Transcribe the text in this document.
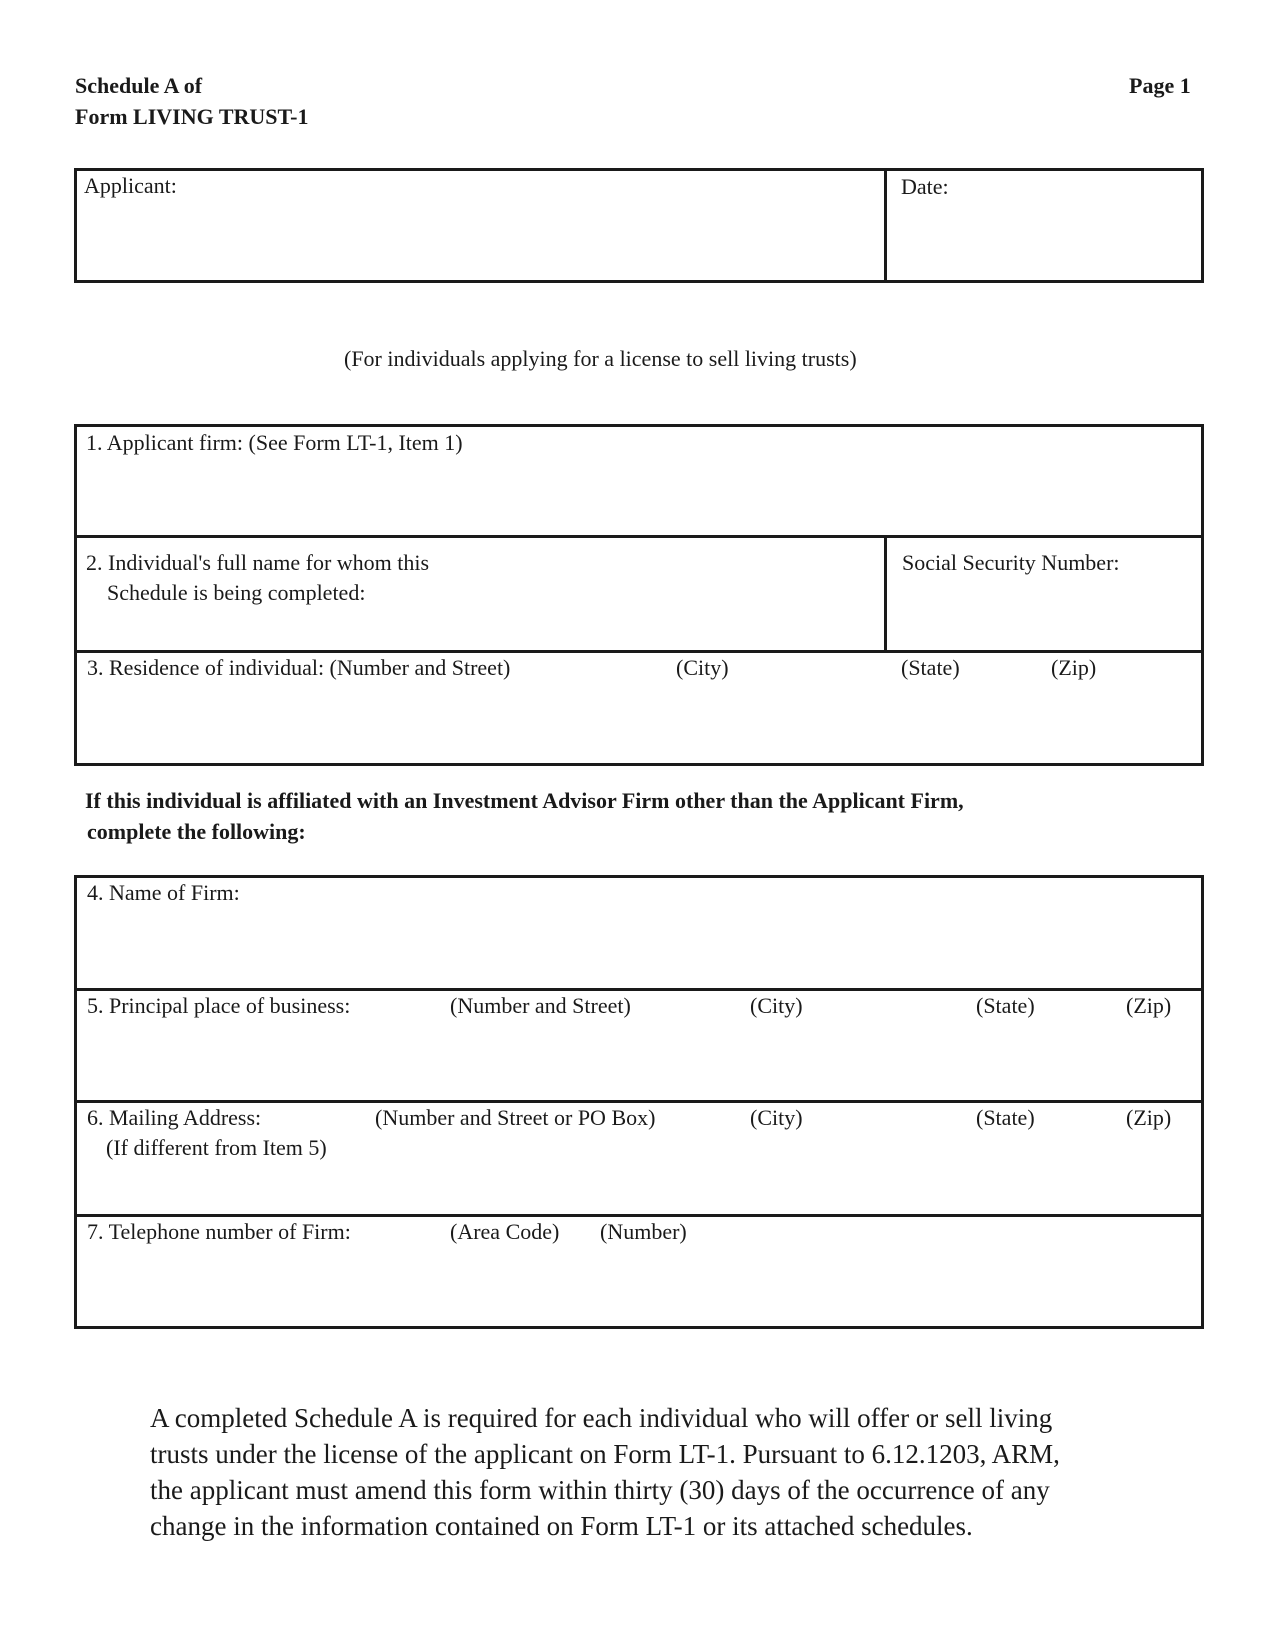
Schedule A of
Form LIVING TRUST-1
Page 1
Applicant:	Date:
(For individuals applying for a license to sell living trusts)
1. Applicant firm: (See Form LT-1, Item 1)
2. Individual's full name for whom this
Schedule is being completed:
Social Security Number:
3. Residence of individual: (Number and Street)	(City)	(State)	(Zip)
If this individual is affiliated with an Investment Advisor Firm other than the Applicant Firm,
complete the following:
4. Name of Firm:
5. Principal place of business:	(Number and Street)	(City)	(State)	(Zip)
6. Mailing Address:
(If different from Item 5)
(Number and Street or PO Box)	(City)	(State)	(Zip)
7. Telephone number of Firm:	(Area Code) (Number)
A completed Schedule A is required for each individual who will offer or sell living
trusts under the license of the applicant on Form LT-1. Pursuant to 6.12.1203, ARM,
the applicant must amend this form within thirty (30) days of the occurrence of any
change in the information contained on Form LT-1 or its attached schedules.
